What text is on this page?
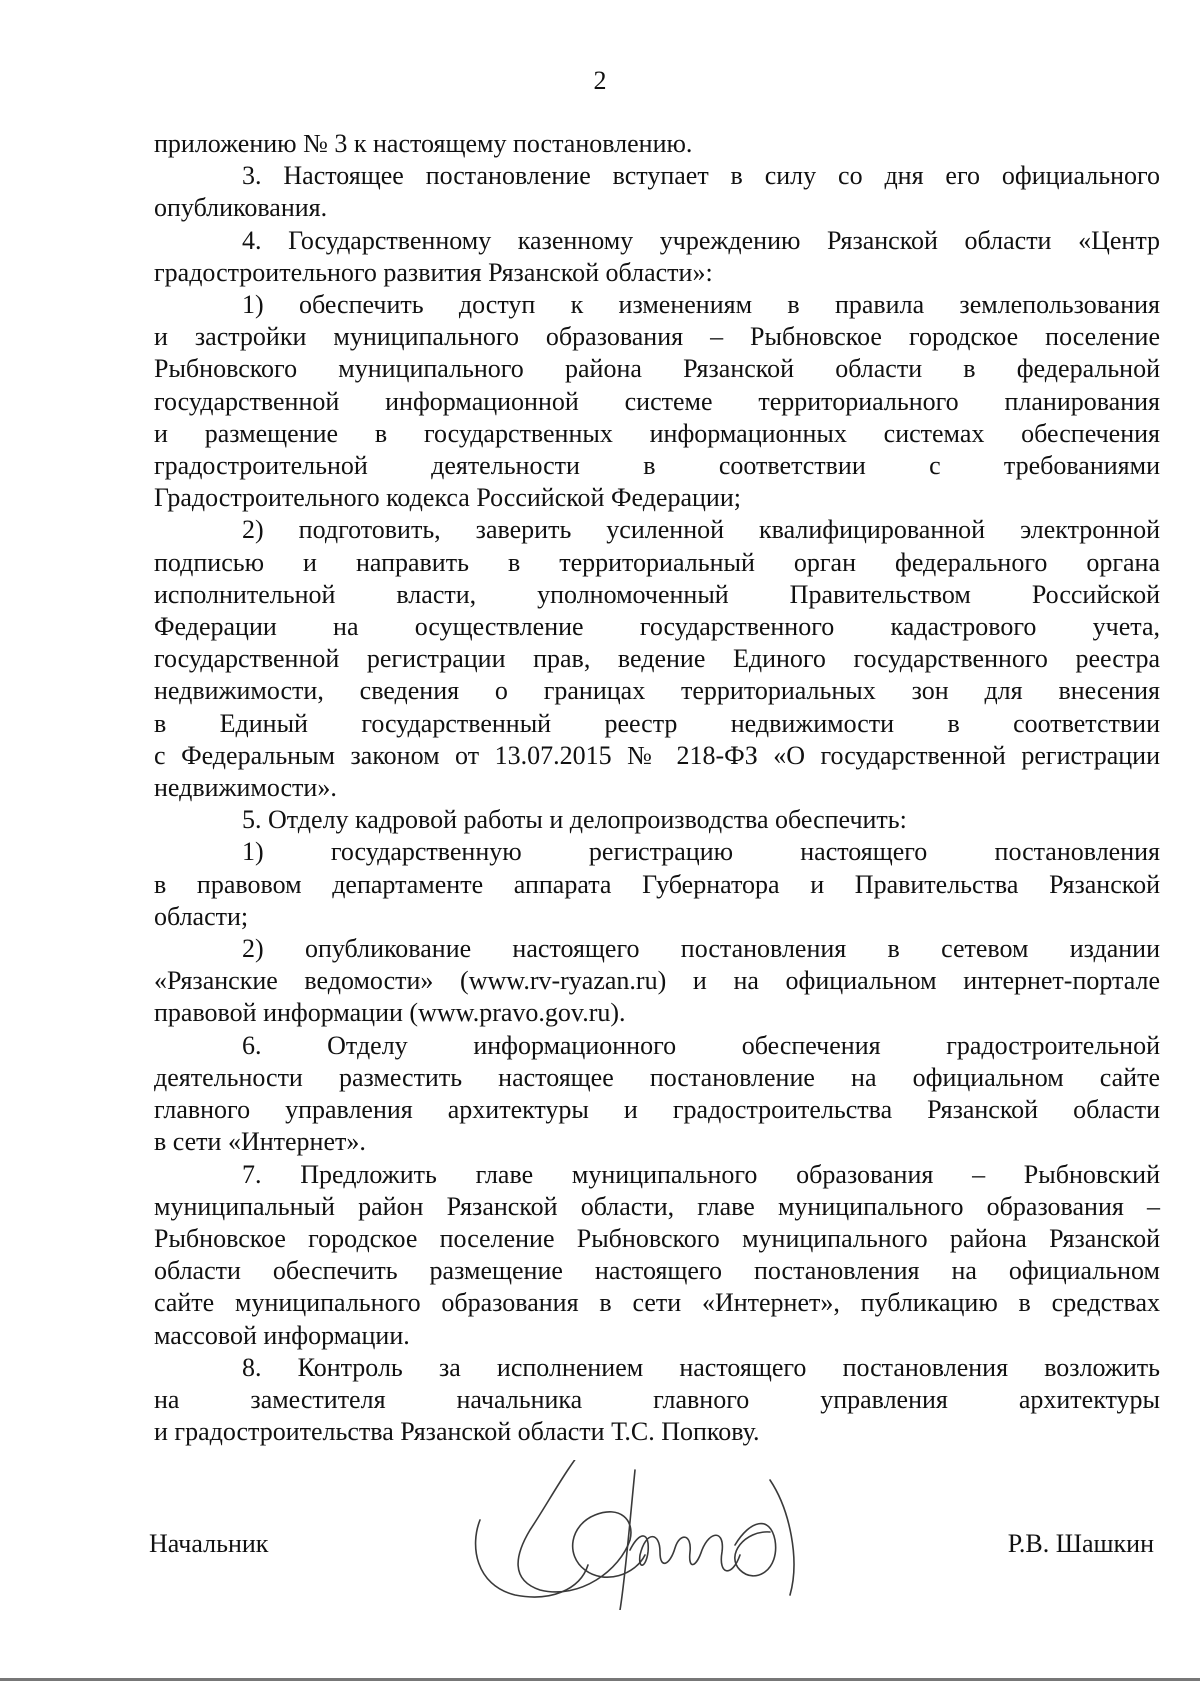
2
приложению № 3 к настоящему постановлению.
3. Настоящее постановление вступает в силу со дня его официального
опубликования.
4. Государственному казенному учреждению Рязанской области «Центр
градостроительного развития Рязанской области»:
1) обеспечить доступ к изменениям в правила землепользования
и застройки муниципального образования – Рыбновское городское поселение
Рыбновского муниципального района Рязанской области в федеральной
государственной информационной системе территориального планирования
и размещение в государственных информационных системах обеспечения
градостроительной деятельности в соответствии с требованиями
Градостроительного кодекса Российской Федерации;
2) подготовить, заверить усиленной квалифицированной электронной
подписью и направить в территориальный орган федерального органа
исполнительной власти, уполномоченный Правительством Российской
Федерации на осуществление государственного кадастрового учета,
государственной регистрации прав, ведение Единого государственного реестра
недвижимости, сведения о границах территориальных зон для внесения
в Единый государственный реестр недвижимости в соответствии
с Федеральным законом от 13.07.2015 № 218-ФЗ «О государственной регистрации
недвижимости».
5. Отделу кадровой работы и делопроизводства обеспечить:
1) государственную регистрацию настоящего постановления
в правовом департаменте аппарата Губернатора и Правительства Рязанской
области;
2) опубликование настоящего постановления в сетевом издании
«Рязанские ведомости» (www.rv-ryazan.ru) и на официальном интернет-портале
правовой информации (www.pravo.gov.ru).
6. Отделу информационного обеспечения градостроительной
деятельности разместить настоящее постановление на официальном сайте
главного управления архитектуры и градостроительства Рязанской области
в сети «Интернет».
7. Предложить главе муниципального образования – Рыбновский
муниципальный район Рязанской области, главе муниципального образования –
Рыбновское городское поселение Рыбновского муниципального района Рязанской
области обеспечить размещение настоящего постановления на официальном
сайте муниципального образования в сети «Интернет», публикацию в средствах
массовой информации.
8. Контроль за исполнением настоящего постановления возложить
на заместителя начальника главного управления архитектуры
и градостроительства Рязанской области Т.С. Попкову.
Начальник	Р.В. Шашкин
